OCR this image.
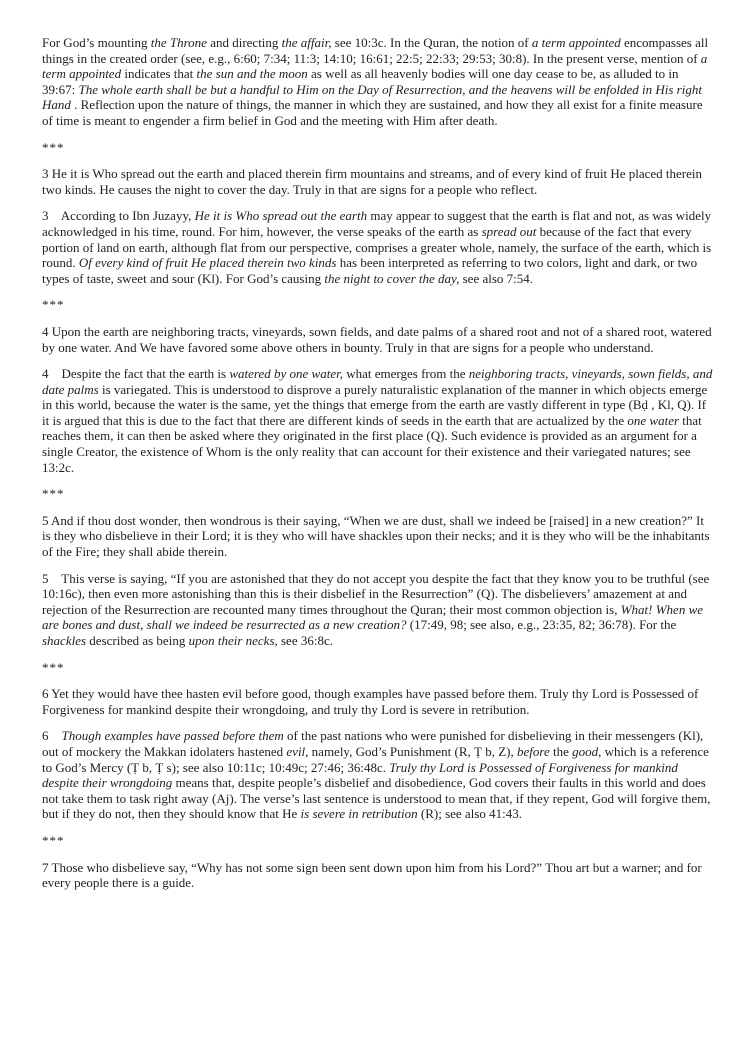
For God’s mounting the Throne and directing the affair, see 10:3c. In the Quran, the notion of a term appointed encompasses all things in the created order (see, e.g., 6:60; 7:34; 11:3; 14:10; 16:61; 22:5; 22:33; 29:53; 30:8). In the present verse, mention of a term appointed indicates that the sun and the moon as well as all heavenly bodies will one day cease to be, as alluded to in 39:67: The whole earth shall be but a handful to Him on the Day of Resurrection, and the heavens will be enfolded in His right Hand . Reflection upon the nature of things, the manner in which they are sustained, and how they all exist for a finite measure of time is meant to engender a firm belief in God and the meeting with Him after death.

***

3 He it is Who spread out the earth and placed therein firm mountains and streams, and of every kind of fruit He placed therein two kinds. He causes the night to cover the day. Truly in that are signs for a people who reflect.

3    According to Ibn Juzayy, He it is Who spread out the earth may appear to suggest that the earth is flat and not, as was widely acknowledged in his time, round. For him, however, the verse speaks of the earth as spread out because of the fact that every portion of land on earth, although flat from our perspective, comprises a greater whole, namely, the surface of the earth, which is round. Of every kind of fruit He placed therein two kinds has been interpreted as referring to two colors, light and dark, or two types of taste, sweet and sour (Kl). For God’s causing the night to cover the day, see also 7:54.

***

4 Upon the earth are neighboring tracts, vineyards, sown fields, and date palms of a shared root and not of a shared root, watered by one water. And We have favored some above others in bounty. Truly in that are signs for a people who understand.

4    Despite the fact that the earth is watered by one water, what emerges from the neighboring tracts, vineyards, sown fields, and date palms is variegated. This is understood to disprove a purely naturalistic explanation of the manner in which objects emerge in this world, because the water is the same, yet the things that emerge from the earth are vastly different in type (Bḍ , Kl, Q). If it is argued that this is due to the fact that there are different kinds of seeds in the earth that are actualized by the one water that reaches them, it can then be asked where they originated in the first place (Q). Such evidence is provided as an argument for a single Creator, the existence of Whom is the only reality that can account for their existence and their variegated natures; see 13:2c.

***

5 And if thou dost wonder, then wondrous is their saying, “When we are dust, shall we indeed be [raised] in a new creation?” It is they who disbelieve in their Lord; it is they who will have shackles upon their necks; and it is they who will be the inhabitants of the Fire; they shall abide therein.

5    This verse is saying, “If you are astonished that they do not accept you despite the fact that they know you to be truthful (see 10:16c), then even more astonishing than this is their disbelief in the Resurrection” (Q). The disbelievers’ amazement at and rejection of the Resurrection are recounted many times throughout the Quran; their most common objection is, What! When we are bones and dust, shall we indeed be resurrected as a new creation? (17:49, 98; see also, e.g., 23:35, 82; 36:78). For the shackles described as being upon their necks, see 36:8c.

***

6 Yet they would have thee hasten evil before good, though examples have passed before them. Truly thy Lord is Possessed of Forgiveness for mankind despite their wrongdoing, and truly thy Lord is severe in retribution.

6    Though examples have passed before them of the past nations who were punished for disbelieving in their messengers (Kl), out of mockery the Makkan idolaters hastened evil, namely, God’s Punishment (R, Ṭ b, Z), before the good, which is a reference to God’s Mercy (Ṭ b, Ṭ s); see also 10:11c; 10:49c; 27:46; 36:48c. Truly thy Lord is Possessed of Forgiveness for mankind despite their wrongdoing means that, despite people’s disbelief and disobedience, God covers their faults in this world and does not take them to task right away (Aj). The verse’s last sentence is understood to mean that, if they repent, God will forgive them, but if they do not, then they should know that He is severe in retribution (R); see also 41:43.

***

7 Those who disbelieve say, “Why has not some sign been sent down upon him from his Lord?” Thou art but a warner; and for every people there is a guide.
